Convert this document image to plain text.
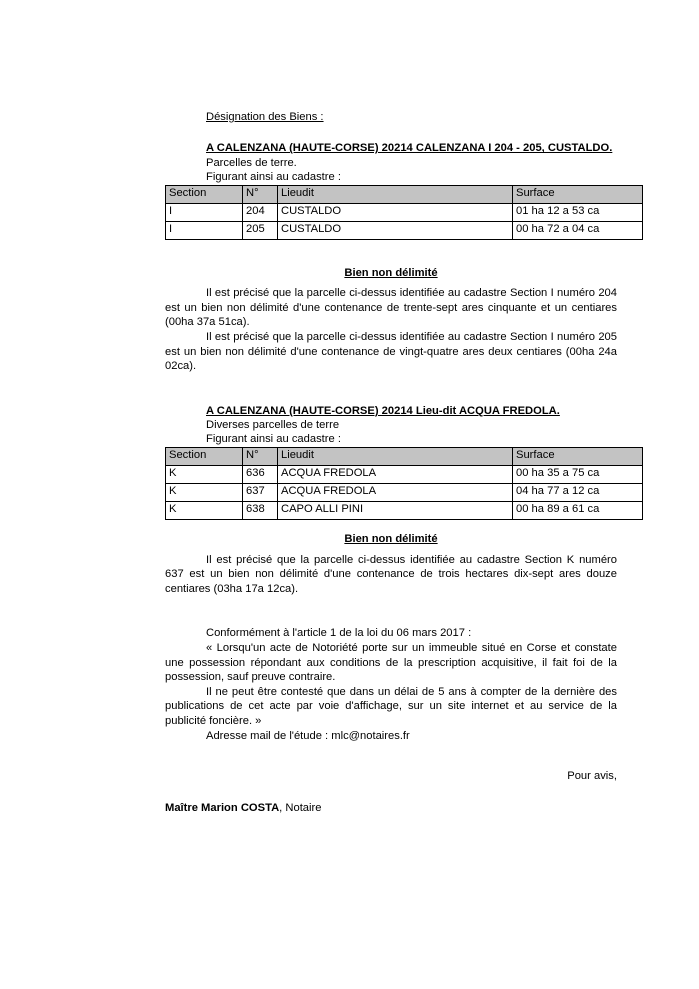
Désignation des Biens :

A CALENZANA (HAUTE-CORSE) 20214 CALENZANA I 204 - 205, CUSTALDO.

Parcelles de terre.

Figurant ainsi au cadastre :

Section	N°	Lieudit	Surface
I	204	CUSTALDO	01 ha 12 a 53 ca
I	205	CUSTALDO	00 ha 72 a 04 ca

Bien non délimité

Il est précisé que la parcelle ci-dessus identifiée au cadastre Section I numéro 204 est un bien non délimité d'une contenance de trente-sept ares cinquante et un centiares (00ha 37a 51ca).

Il est précisé que la parcelle ci-dessus identifiée au cadastre Section I numéro 205 est un bien non délimité d'une contenance de vingt-quatre ares deux centiares (00ha 24a 02ca).

A CALENZANA (HAUTE-CORSE) 20214 Lieu-dit ACQUA FREDOLA.

Diverses parcelles de terre

Figurant ainsi au cadastre :

Section	N°	Lieudit	Surface
K	636	ACQUA FREDOLA	00 ha 35 a 75 ca
K	637	ACQUA FREDOLA	04 ha 77 a 12 ca
K	638	CAPO ALLI PINI	00 ha 89 a 61 ca

Bien non délimité

Il est précisé que la parcelle ci-dessus identifiée au cadastre Section K numéro 637 est un bien non délimité d'une contenance de trois hectares dix-sept ares douze centiares (03ha 17a 12ca).

Conformément à l'article 1 de la loi du 06 mars 2017 :

« Lorsqu'un acte de Notoriété porte sur un immeuble situé en Corse et constate une possession répondant aux conditions de la prescription acquisitive, il fait foi de la possession, sauf preuve contraire.

Il ne peut être contesté que dans un délai de 5 ans à compter de la dernière des publications de cet acte par voie d'affichage, sur un site internet et au service de la publicité foncière. »

Adresse mail de l'étude : mlc@notaires.fr

Pour avis,

Maître Marion COSTA, Notaire
